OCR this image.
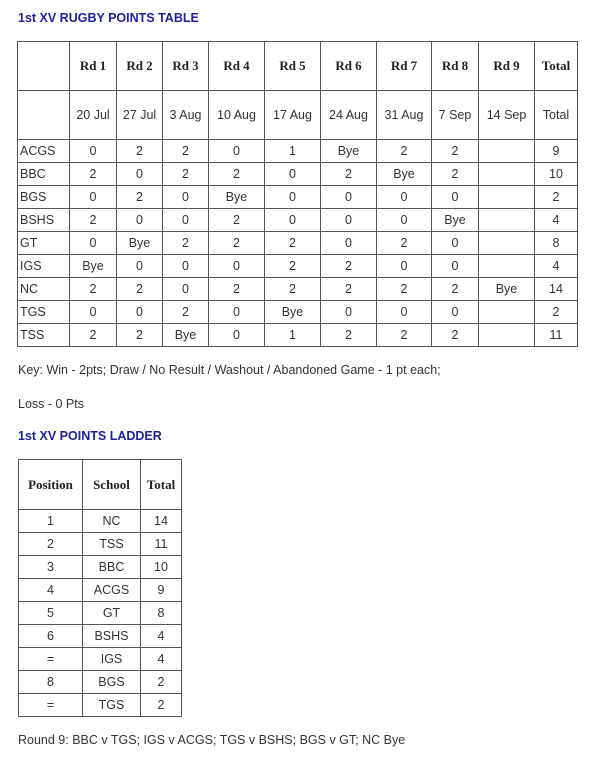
1st XV RUGBY POINTS TABLE
	Rd 1	Rd 2	Rd 3	Rd 4	Rd 5	Rd 6	Rd 7	Rd 8	Rd 9	Total
	20 Jul	27 Jul	3 Aug	10 Aug	17 Aug	24 Aug	31 Aug	7 Sep	14 Sep	Total
ACGS	0	2	2	0	1	Bye	2	2		9
BBC	2	0	2	2	0	2	Bye	2		10
BGS	0	2	0	Bye	0	0	0	0		2
BSHS	2	0	0	2	0	0	0	Bye		4
GT	0	Bye	2	2	2	0	2	0		8
IGS	Bye	0	0	0	2	2	0	0		4
NC	2	2	0	2	2	2	2	2	Bye	14
TGS	0	0	2	0	Bye	0	0	0		2
TSS	2	2	Bye	0	1	2	2	2		11
Key: Win - 2pts; Draw / No Result / Washout / Abandoned Game - 1 pt each;
Loss - 0 Pts
1st XV POINTS LADDER
Position	School	Total
1	NC	14
2	TSS	11
3	BBC	10
4	ACGS	9
5	GT	8
6	BSHS	4
=	IGS	4
8	BGS	2
=	TGS	2
Round 9: BBC v TGS; IGS v ACGS; TGS v BSHS; BGS v GT; NC Bye
